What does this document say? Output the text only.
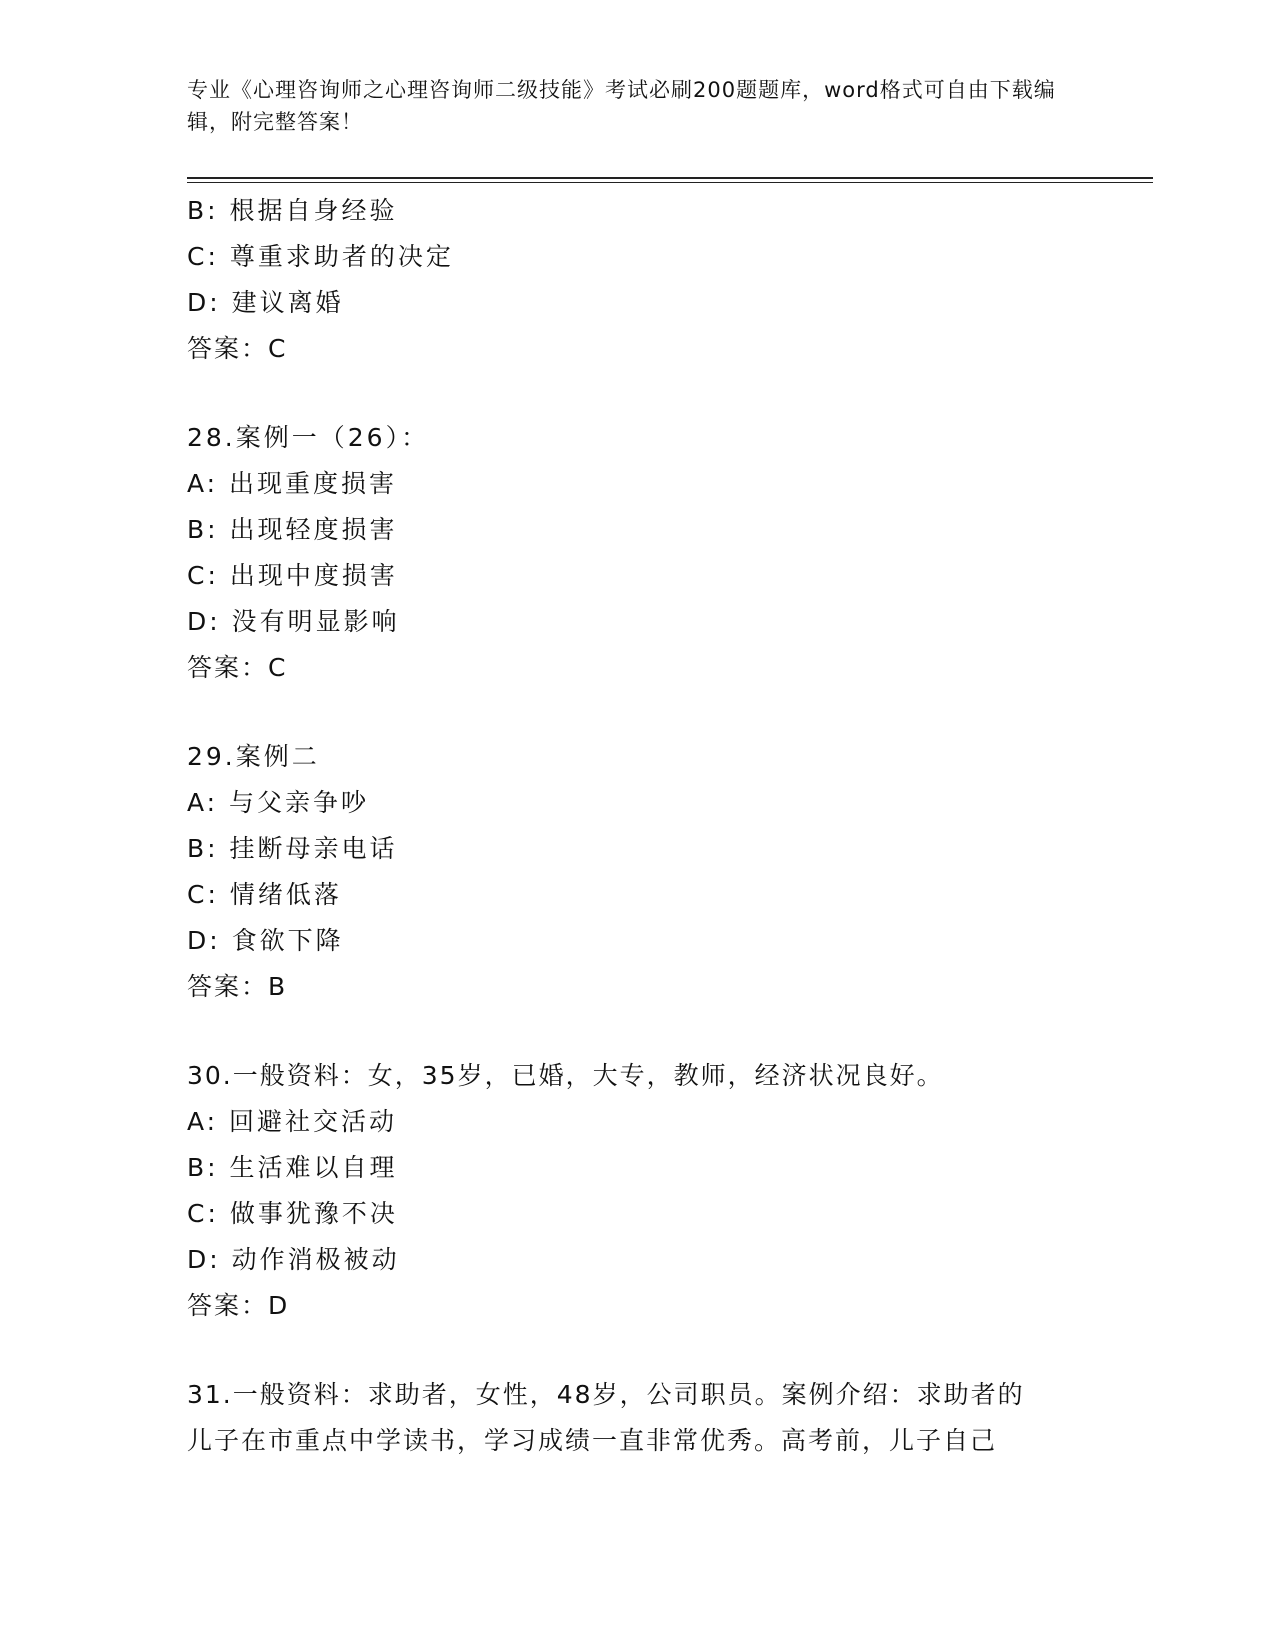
专业《心理咨询师之心理咨询师二级技能》考试必刷200题题库，word格式可自由下载编辑，附完整答案！
B: 根据自身经验
C: 尊重求助者的决定
D: 建议离婚
答案：C
28.案例一（26）：
A: 出现重度损害
B: 出现轻度损害
C: 出现中度损害
D: 没有明显影响
答案：C
29.案例二
A: 与父亲争吵
B: 挂断母亲电话
C: 情绪低落
D: 食欲下降
答案：B
30.一般资料：女，35岁，已婚，大专，教师，经济状况良好。
A: 回避社交活动
B: 生活难以自理
C: 做事犹豫不决
D: 动作消极被动
答案：D
31.一般资料：求助者，女性，48岁，公司职员。案例介绍：求助者的
儿子在市重点中学读书，学习成绩一直非常优秀。高考前，儿子自己
